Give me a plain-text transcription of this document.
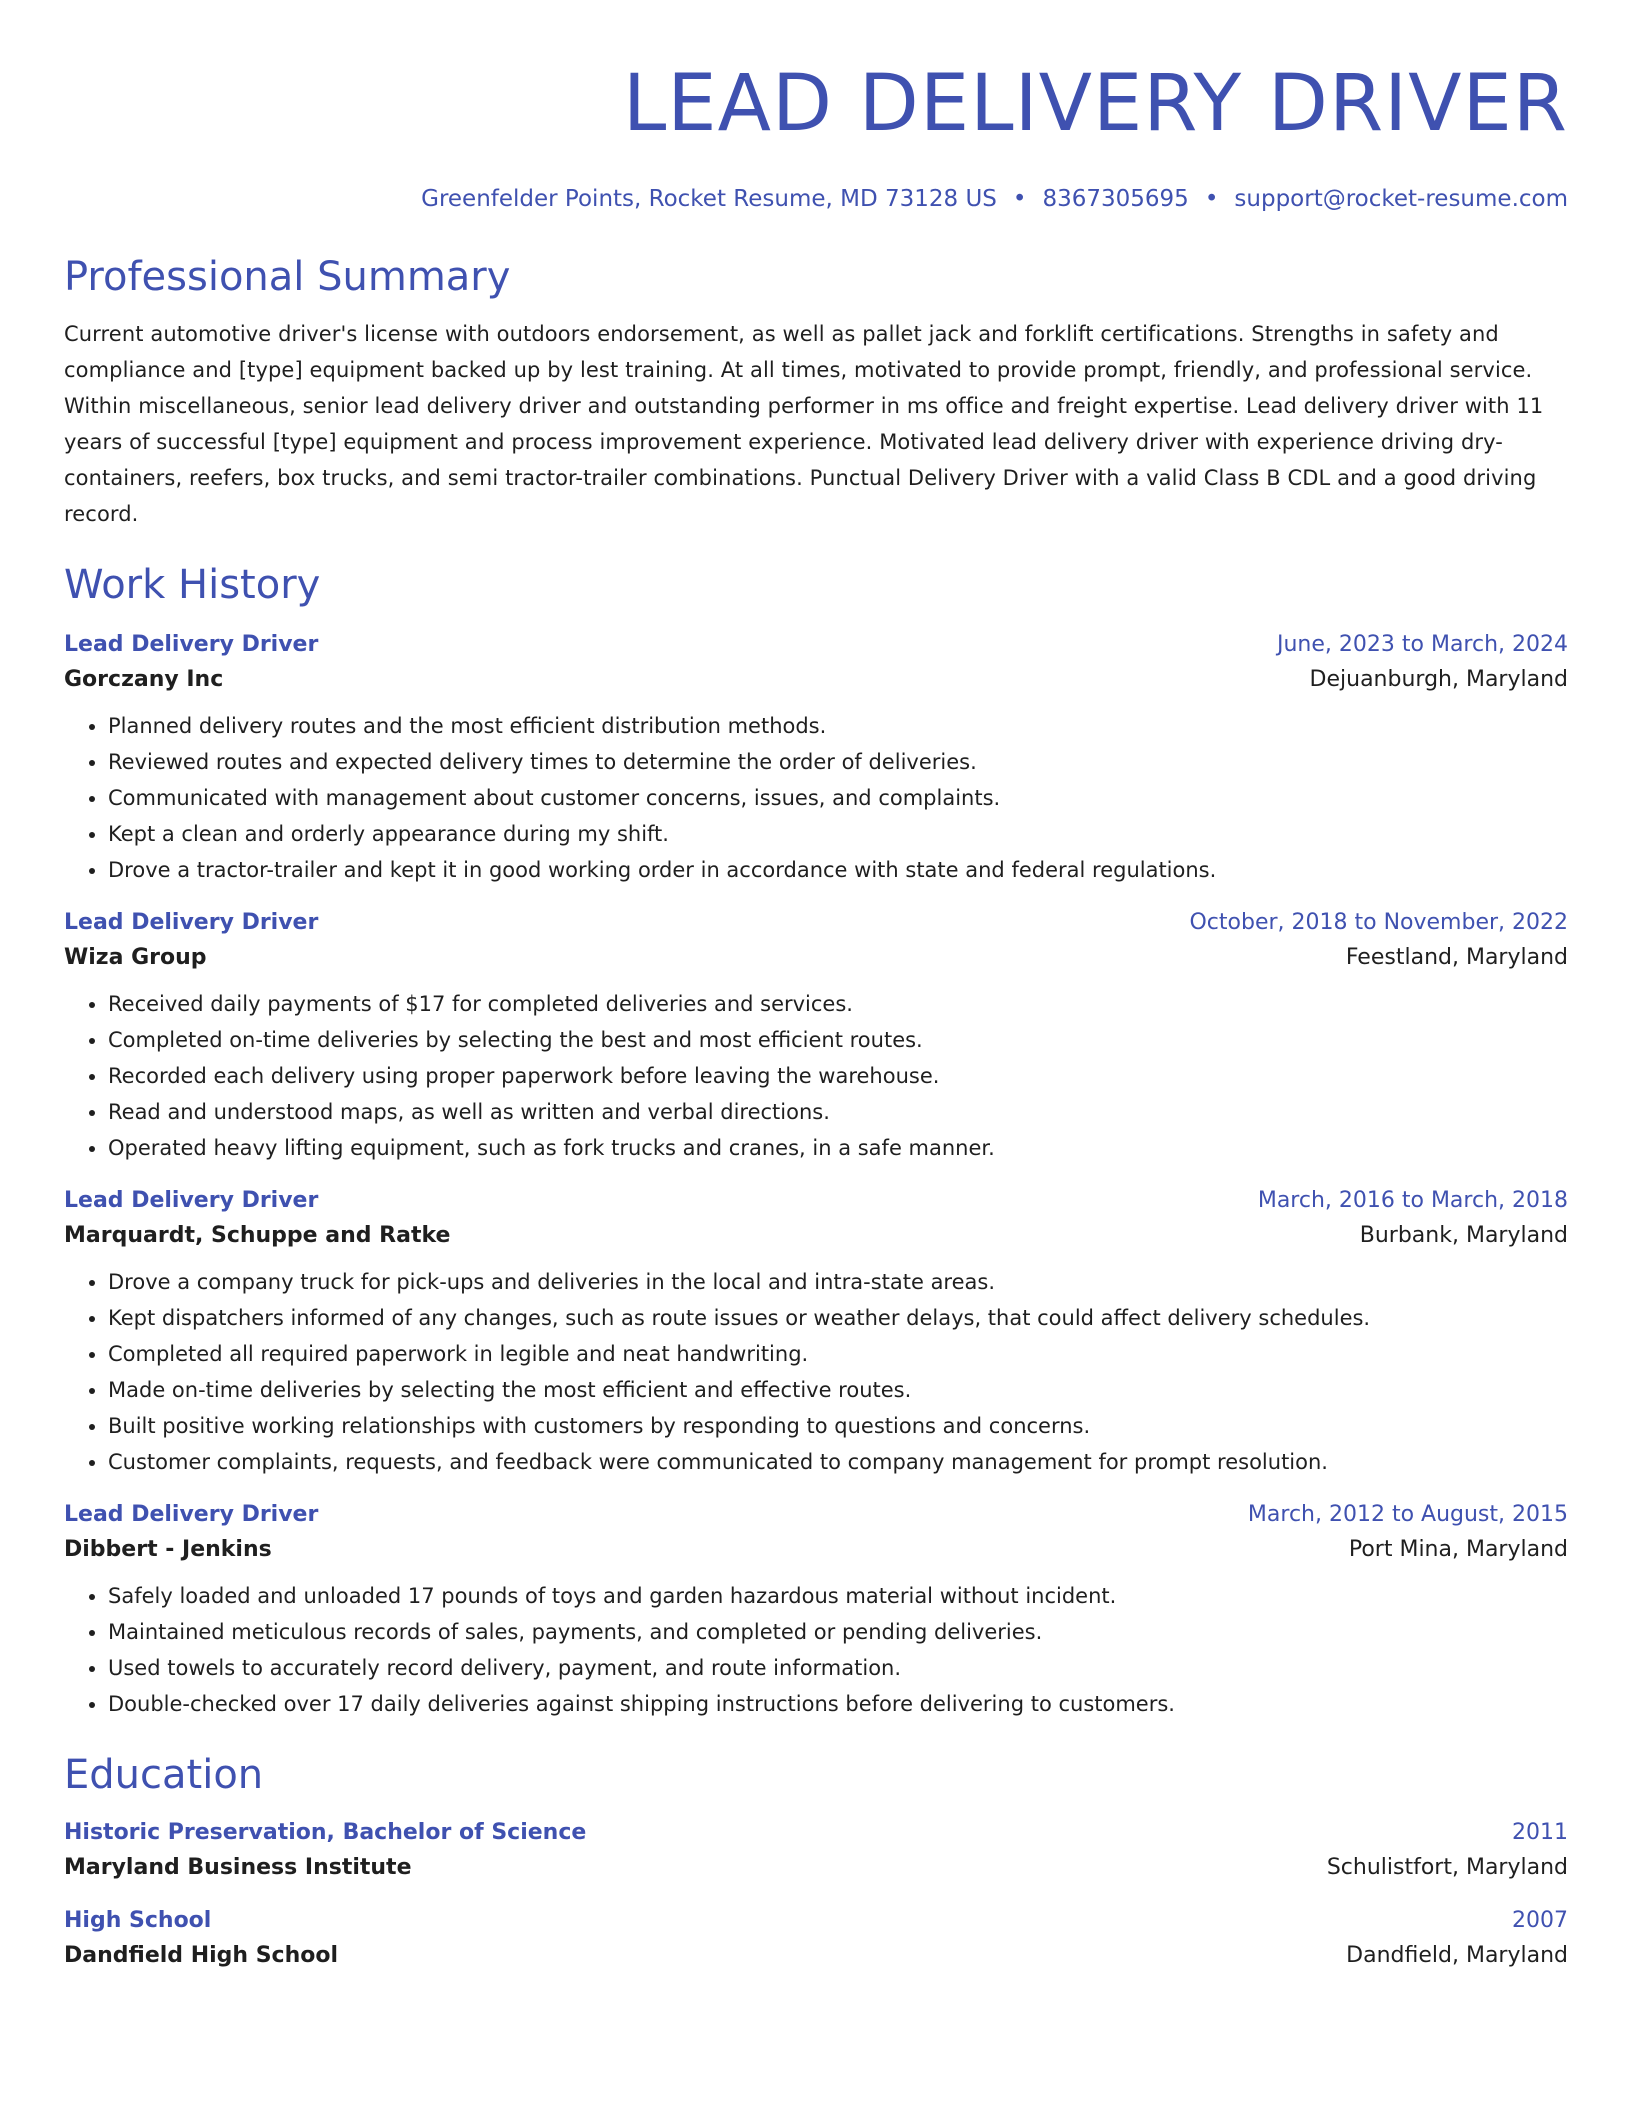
LEAD DELIVERY DRIVER
Greenfelder Points, Rocket Resume, MD 73128 US • 8367305695 • support@rocket-resume.com
Professional Summary

Current automotive driver's license with outdoors endorsement, as well as pallet jack and forklift certifications. Strengths in safety and compliance and [type] equipment backed up by lest training. At all times, motivated to provide prompt, friendly, and professional service. Within miscellaneous, senior lead delivery driver and outstanding performer in ms office and freight expertise. Lead delivery driver with 11 years of successful [type] equipment and process improvement experience. Motivated lead delivery driver with experience driving dry-containers, reefers, box trucks, and semi tractor-trailer combinations. Punctual Delivery Driver with a valid Class B CDL and a good driving record.

Work History
Lead Delivery Driver	June, 2023 to March, 2024
Gorczany Inc	Dejuanburgh, Maryland
• Planned delivery routes and the most efficient distribution methods.
• Reviewed routes and expected delivery times to determine the order of deliveries.
• Communicated with management about customer concerns, issues, and complaints.
• Kept a clean and orderly appearance during my shift.
• Drove a tractor-trailer and kept it in good working order in accordance with state and federal regulations.
Lead Delivery Driver	October, 2018 to November, 2022
Wiza Group	Feestland, Maryland
• Received daily payments of $17 for completed deliveries and services.
• Completed on-time deliveries by selecting the best and most efficient routes.
• Recorded each delivery using proper paperwork before leaving the warehouse.
• Read and understood maps, as well as written and verbal directions.
• Operated heavy lifting equipment, such as fork trucks and cranes, in a safe manner.
Lead Delivery Driver	March, 2016 to March, 2018
Marquardt, Schuppe and Ratke	Burbank, Maryland
• Drove a company truck for pick-ups and deliveries in the local and intra-state areas.
• Kept dispatchers informed of any changes, such as route issues or weather delays, that could affect delivery schedules.
• Completed all required paperwork in legible and neat handwriting.
• Made on-time deliveries by selecting the most efficient and effective routes.
• Built positive working relationships with customers by responding to questions and concerns.
• Customer complaints, requests, and feedback were communicated to company management for prompt resolution.
Lead Delivery Driver	March, 2012 to August, 2015
Dibbert - Jenkins	Port Mina, Maryland
• Safely loaded and unloaded 17 pounds of toys and garden hazardous material without incident.
• Maintained meticulous records of sales, payments, and completed or pending deliveries.
• Used towels to accurately record delivery, payment, and route information.
• Double-checked over 17 daily deliveries against shipping instructions before delivering to customers.
Education
Historic Preservation, Bachelor of Science	2011
Maryland Business Institute	Schulistfort, Maryland
High School	2007
Dandfield High School	Dandfield, Maryland
